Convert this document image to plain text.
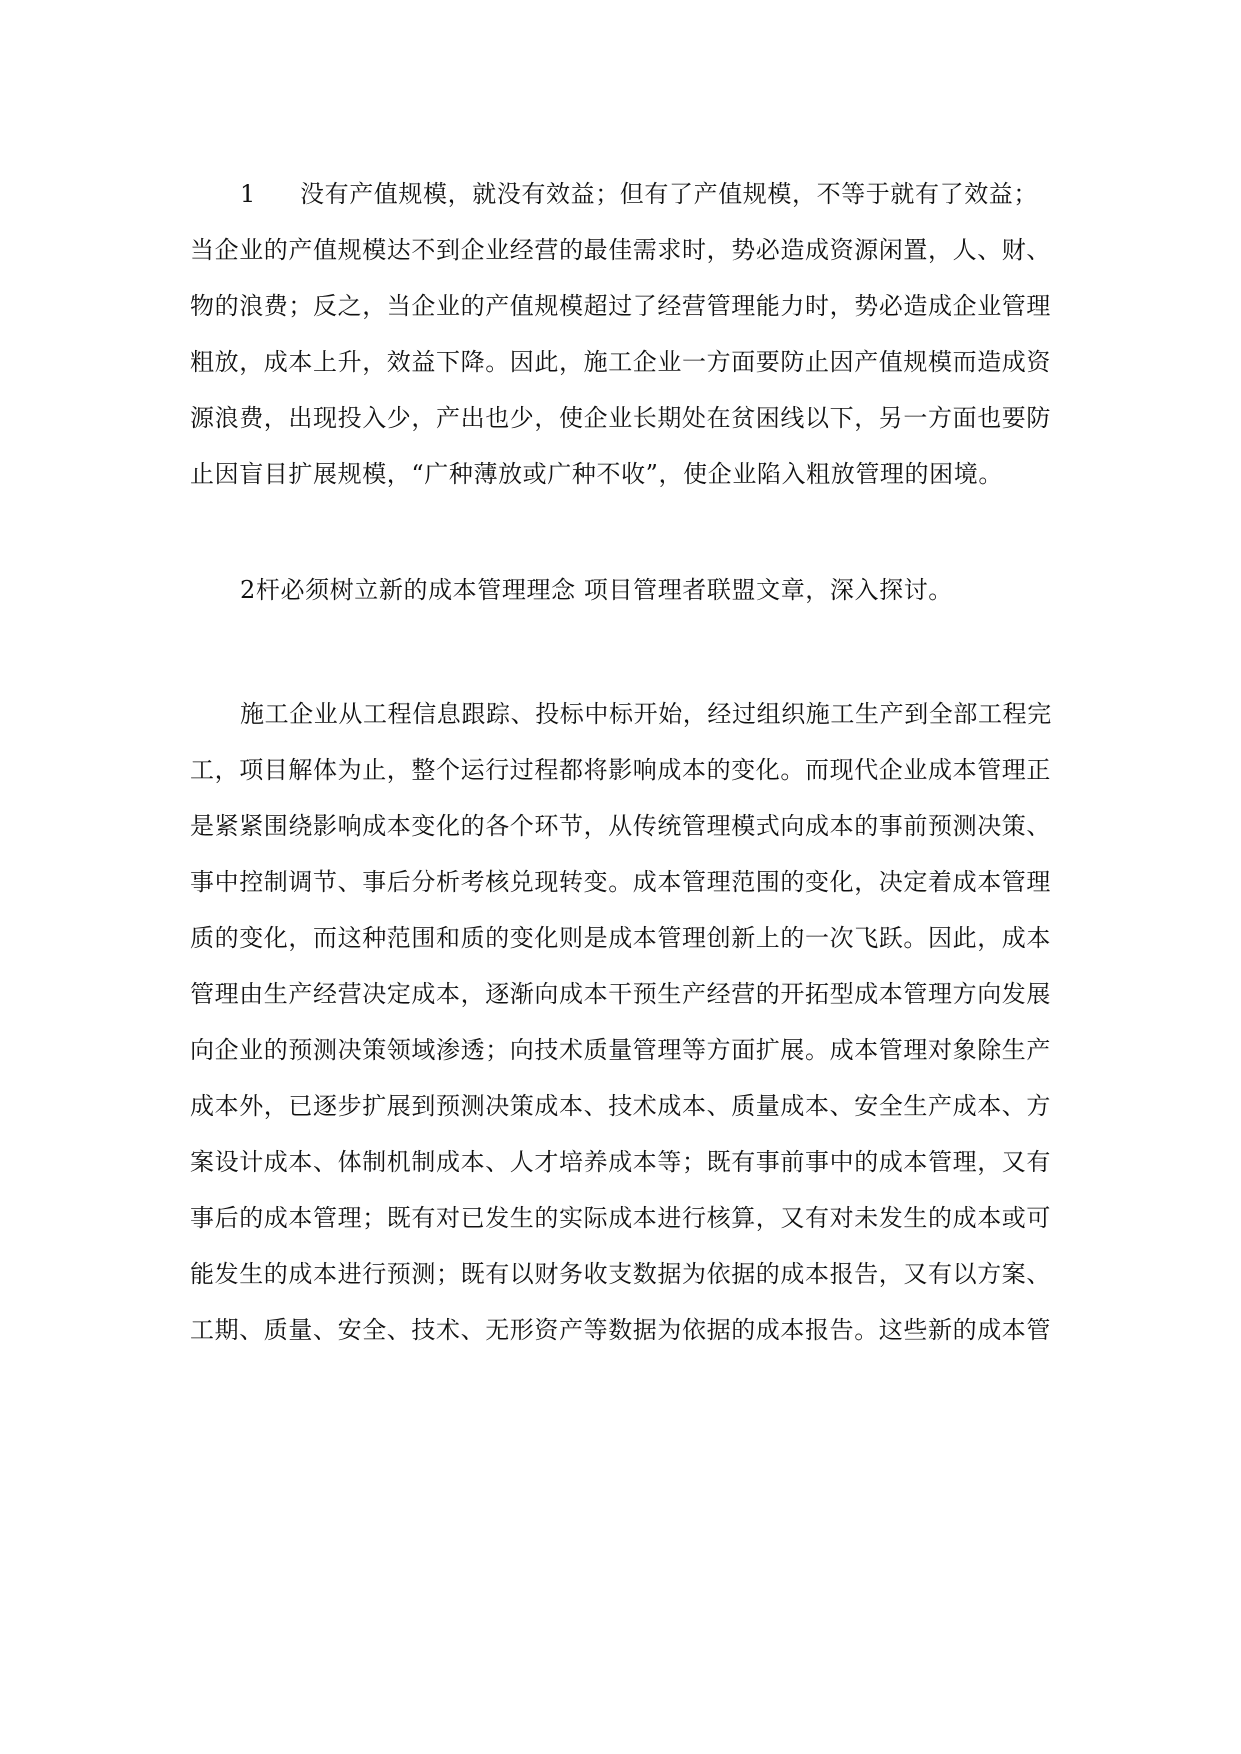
1 没有产值规模，就没有效益；但有了产值规模，不等于就有了效益；
当企业的产值规模达不到企业经营的最佳需求时，势必造成资源闲置，人、财、
物的浪费；反之，当企业的产值规模超过了经营管理能力时，势必造成企业管理
粗放，成本上升，效益下降。因此，施工企业一方面要防止因产值规模而造成资
源浪费，出现投入少，产出也少，使企业长期处在贫困线以下，另一方面也要防
止因盲目扩展规模，“广种薄放或广种不收”，使企业陷入粗放管理的困境。
2杆必须树立新的成本管理理念 项目管理者联盟文章，深入探讨。
施工企业从工程信息跟踪、投标中标开始，经过组织施工生产到全部工程完
工，项目解体为止，整个运行过程都将影响成本的变化。而现代企业成本管理正
是紧紧围绕影响成本变化的各个环节，从传统管理模式向成本的事前预测决策、
事中控制调节、事后分析考核兑现转变。成本管理范围的变化，决定着成本管理
质的变化，而这种范围和质的变化则是成本管理创新上的一次飞跃。因此，成本
管理由生产经营决定成本，逐渐向成本干预生产经营的开拓型成本管理方向发展
向企业的预测决策领域渗透；向技术质量管理等方面扩展。成本管理对象除生产
成本外，已逐步扩展到预测决策成本、技术成本、质量成本、安全生产成本、方
案设计成本、体制机制成本、人才培养成本等；既有事前事中的成本管理，又有
事后的成本管理；既有对已发生的实际成本进行核算，又有对未发生的成本或可
能发生的成本进行预测；既有以财务收支数据为依据的成本报告，又有以方案、
工期、质量、安全、技术、无形资产等数据为依据的成本报告。这些新的成本管
